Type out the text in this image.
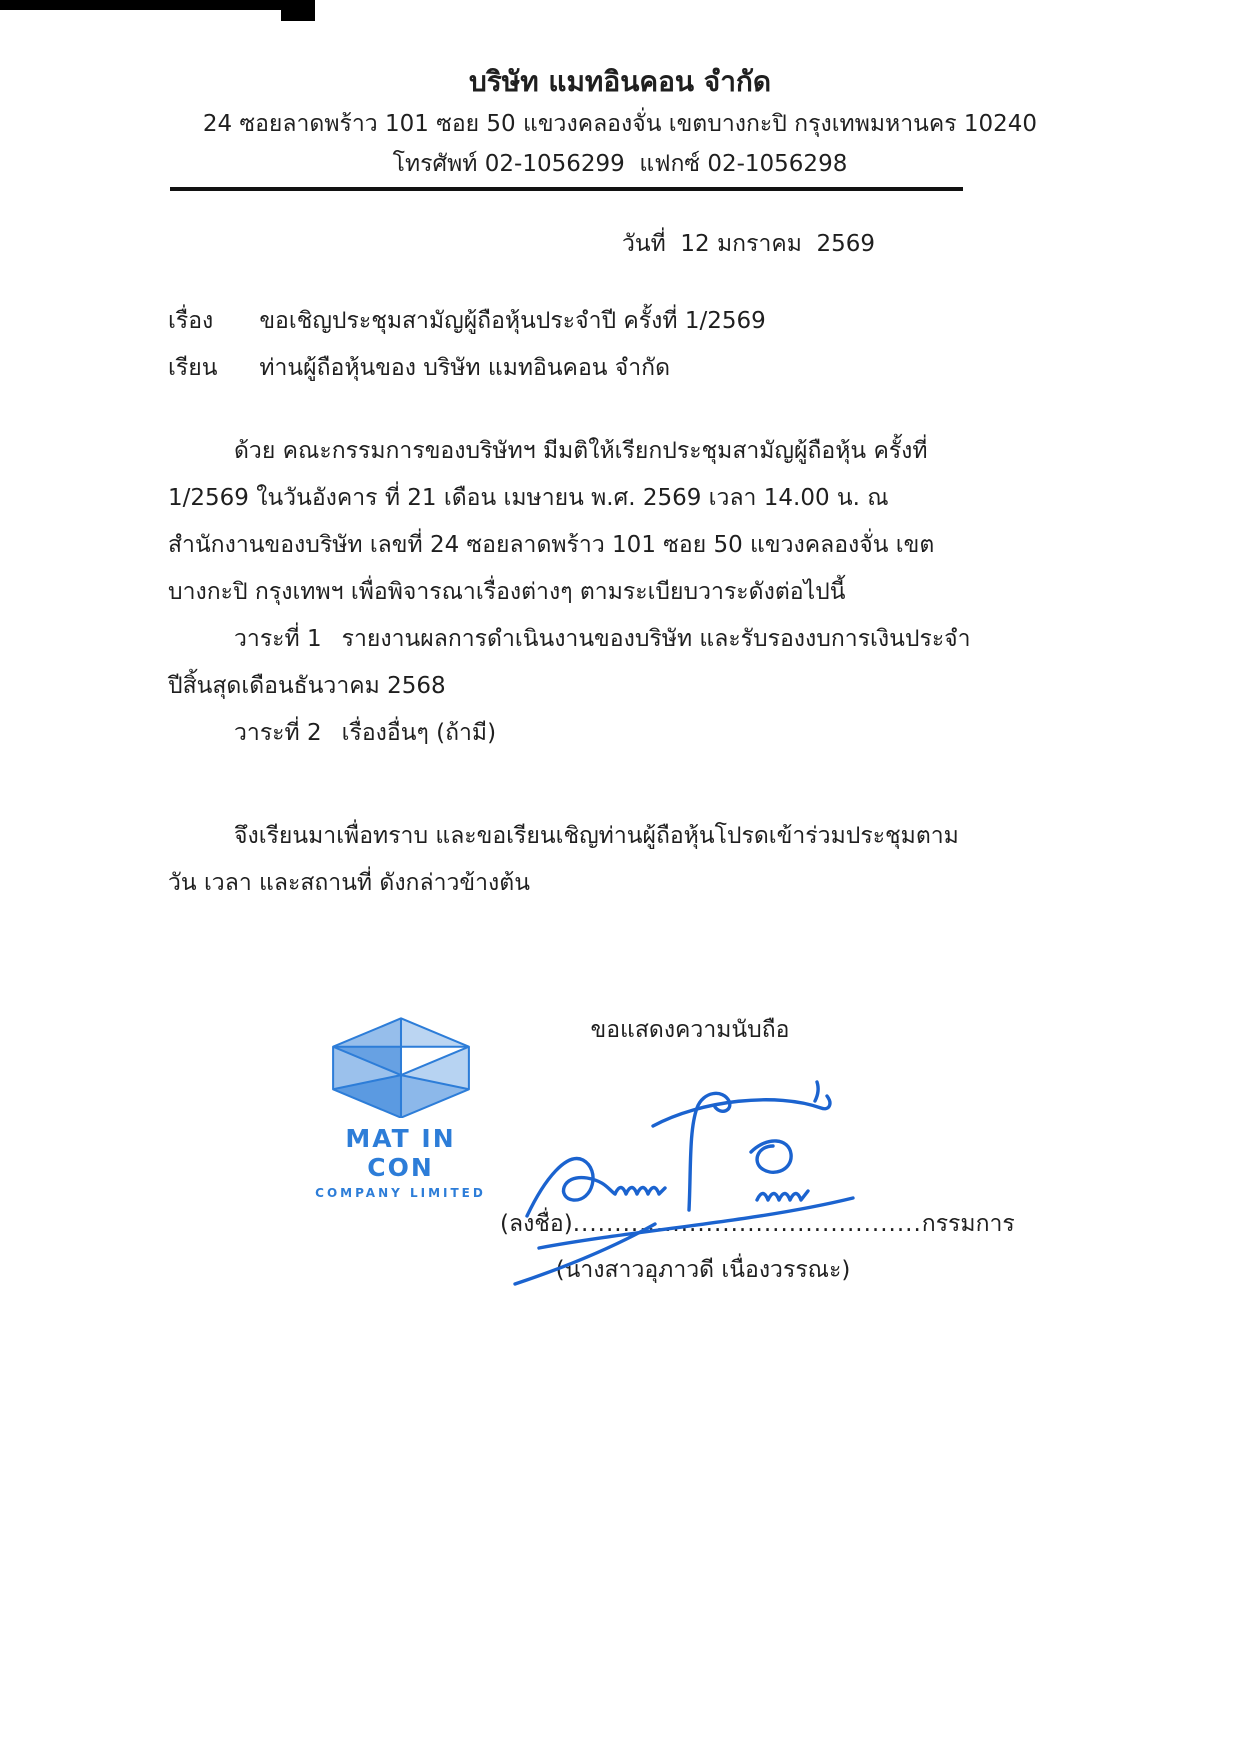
บริษัท แมทอินคอน จำกัด
24 ซอยลาดพร้าว 101 ซอย 50 แขวงคลองจั่น เขตบางกะปิ กรุงเทพมหานคร 10240
โทรศัพท์ 02-1056299  แฟกซ์ 02-1056298
วันที่  12 มกราคม  2569
เรื่อง ขอเชิญประชุมสามัญผู้ถือหุ้นประจำปี ครั้งที่ 1/2569
เรียน ท่านผู้ถือหุ้นของ บริษัท แมทอินคอน จำกัด

ด้วย คณะกรรมการของบริษัทฯ มีมติให้เรียกประชุมสามัญผู้ถือหุ้น ครั้งที่ 1/2569 ในวันอังคาร ที่ 21 เดือน เมษายน พ.ศ. 2569 เวลา 14.00 น. ณ สำนักงานของบริษัท เลขที่ 24 ซอยลาดพร้าว 101 ซอย 50 แขวงคลองจั่น เขตบางกะปิ กรุงเทพฯ เพื่อพิจารณาเรื่องต่างๆ ตามระเบียบวาระดังต่อไปนี้

วาระที่ 1 รายงานผลการดำเนินงานของบริษัท และรับรองงบการเงินประจำปีสิ้นสุดเดือนธันวาคม 2568

วาระที่ 2 เรื่องอื่นๆ (ถ้ามี)

จึงเรียนมาเพื่อทราบ และขอเรียนเชิญท่านผู้ถือหุ้นโปรดเข้าร่วมประชุมตาม วัน เวลา และสถานที่ ดังกล่าวข้างต้น

ขอแสดงความนับถือ
MAT IN CON
COMPANY LIMITED
(ลงชื่อ)..........................................กรรมการ
(นางสาวอุภาวดี เนื่องวรรณะ)
